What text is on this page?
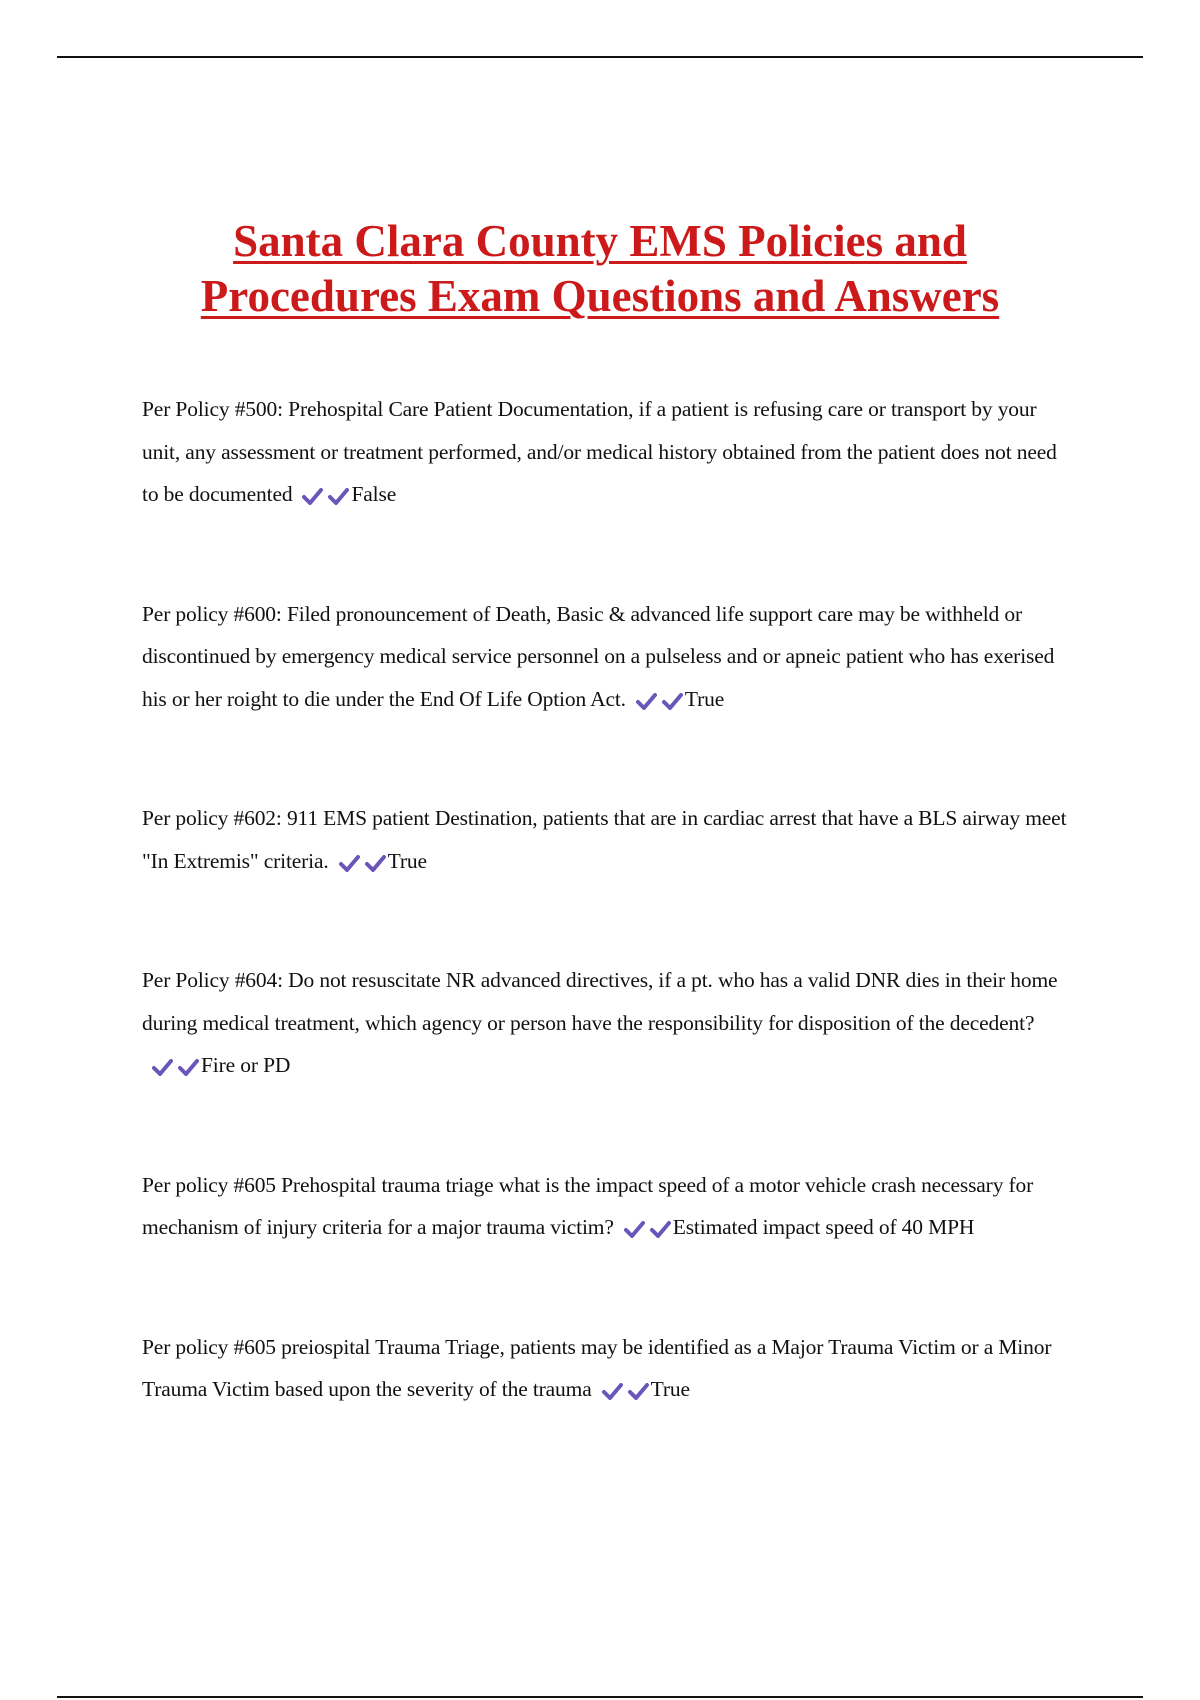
Santa Clara County EMS Policies and
Procedures Exam Questions and Answers
Per Policy #500: Prehospital Care Patient Documentation, if a patient is refusing care or transport by your unit, any assessment or treatment performed, and/or medical history obtained from the patient does not need to be documented	False
Per policy #600: Filed pronouncement of Death, Basic & advanced life support care may be withheld or discontinued by emergency medical service personnel on a pulseless and or apneic patient who has exerised his or her roight to die under the End Of Life Option Act.	True
Per policy #602: 911 EMS patient Destination, patients that are in cardiac arrest that have a BLS airway meet "In Extremis" criteria.	True
Per Policy #604: Do not resuscitate NR advanced directives, if a pt. who has a valid DNR dies in their home during medical treatment, which agency or person have the responsibility for disposition of the decedent?Fire or PD
Per policy #605 Prehospital trauma triage what is the impact speed of a motor vehicle crash necessary for mechanism of injury criteria for a major trauma victim?	Estimated impact speed of 40 MPH
Per policy #605 preiospital Trauma Triage, patients may be identified as a Major Trauma Victim or a Minor Trauma Victim based upon the severity of the trauma	True
